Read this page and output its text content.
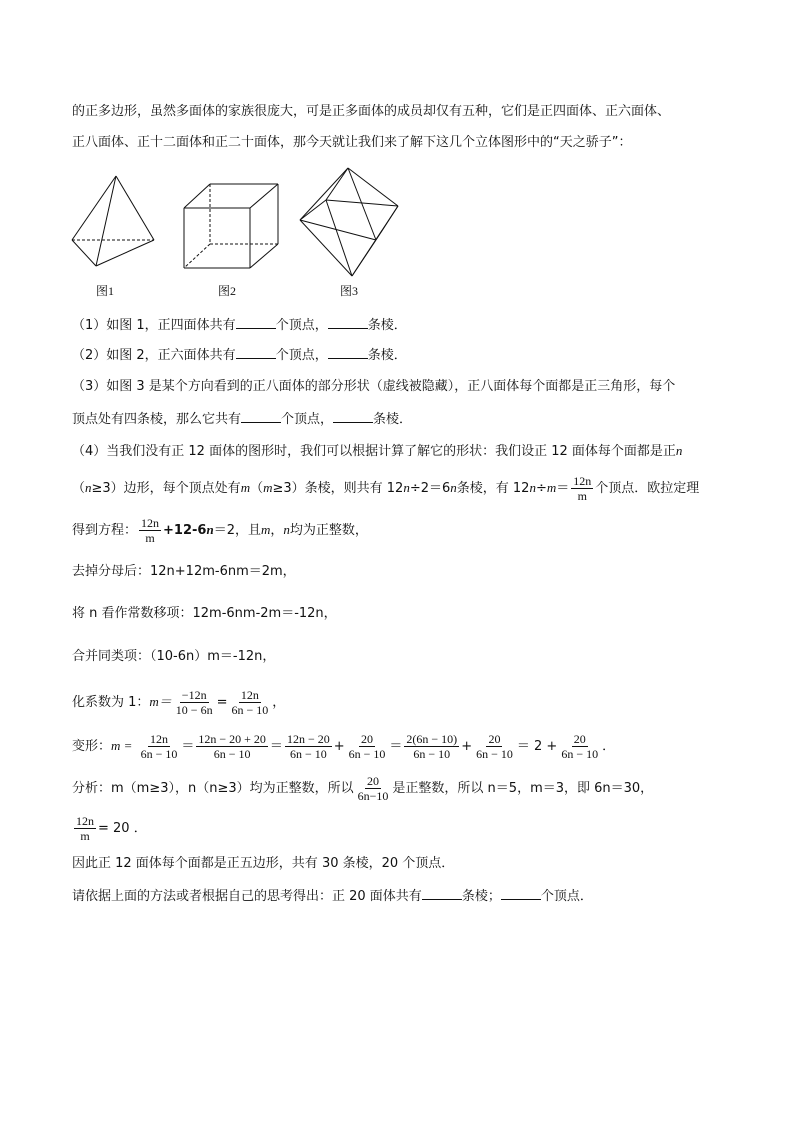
的正多边形，虽然多面体的家族很庞大，可是正多面体的成员却仅有五种，它们是正四面体、正六面体、
正八面体、正十二面体和正二十面体，那今天就让我们来了解下这几个立体图形中的“天之骄子”：
图1	图2	图3
（1）如图 1，正四面体共有	个顶点，	条棱．
（2）如图 2，正六面体共有	个顶点，	条棱．
（3）如图 3 是某个方向看到的正八面体的部分形状（虚线被隐藏），正八面体每个面都是正三角形，每个
顶点处有四条棱，那么它共有	个顶点，	条棱．
（4）当我们没有正 12 面体的图形时，我们可以根据计算了解它的形状：我们设正 12 面体每个面都是正n
（n≥3）边形，每个顶点处有m（m≥3）条棱，则共有 12n÷2＝6n条棱，有 $12n\div m= \frac{12n}{m}$ 个顶点．欧拉定理
得到方程： $\frac{12n}{m} +12-6n=2$，且m，n均为正整数，
去掉分母后：12n+12m-6nm＝2m，
将 n 看作常数移项：12m-6nm-2m＝-12n，
合并同类项：（10-6n）m＝-12n，
化系数为 1：$m= \frac{-12n}{10 - 6n} = \frac{12n}{6n - 10}$ ，
变形：$m = \frac{12n}{6n - 10} = \frac{12n - 20 + 20}{6n - 10} = \frac{12n - 20}{6n - 10} + \frac{20}{6n - 10} = \frac{2(6n - 10)}{6n - 10} + \frac{20}{6n - 10} = 2 + \frac{20}{6n - 10}$ ．
分析：m（m≥3），n（n≥3）均为正整数，所以 $\frac{20}{6n-10}$ 是正整数，所以 n＝5，m＝3，即 6n＝30，
$\frac{12n}{m} = 20$ ．
因此正 12 面体每个面都是正五边形，共有 30 条棱，20 个顶点．
请依据上面的方法或者根据自己的思考得出：正 20 面体共有	条棱；	个顶点．
